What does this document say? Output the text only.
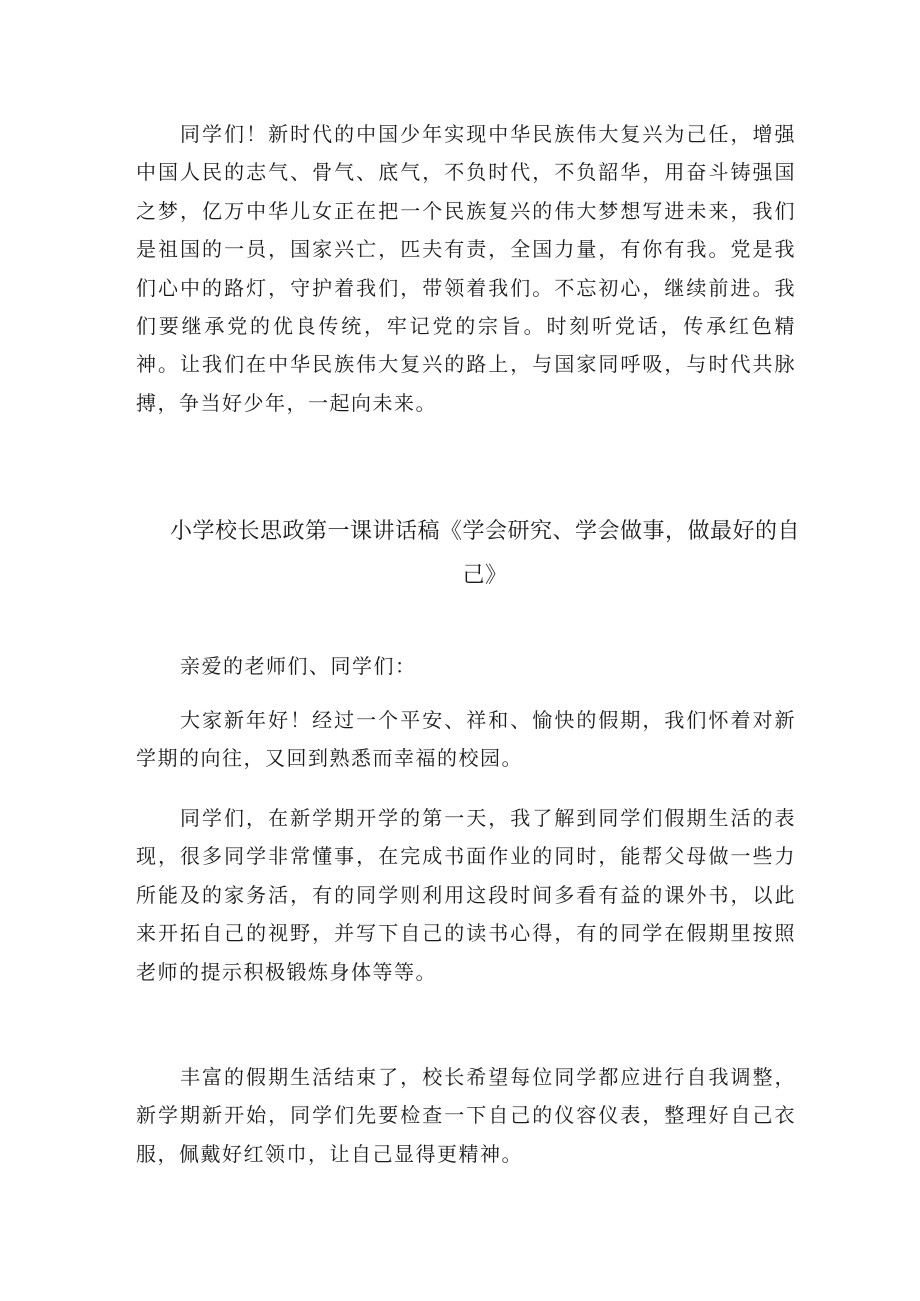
同学们！新时代的中国少年实现中华民族伟大复兴为己任，增强中国人民的志气、骨气、底气，不负时代，不负韶华，用奋斗铸强国之梦，亿万中华儿女正在把一个民族复兴的伟大梦想写进未来，我们是祖国的一员，国家兴亡，匹夫有责，全国力量，有你有我。党是我们心中的路灯，守护着我们，带领着我们。不忘初心，继续前进。我们要继承党的优良传统，牢记党的宗旨。时刻听党话，传承红色精神。让我们在中华民族伟大复兴的路上，与国家同呼吸，与时代共脉搏，争当好少年，一起向未来。

小学校长思政第一课讲话稿《学会研究、学会做事，做最好的自己》

亲爱的老师们、同学们：

大家新年好！经过一个平安、祥和、愉快的假期，我们怀着对新学期的向往，又回到熟悉而幸福的校园。

同学们，在新学期开学的第一天，我了解到同学们假期生活的表现，很多同学非常懂事，在完成书面作业的同时，能帮父母做一些力所能及的家务活，有的同学则利用这段时间多看有益的课外书，以此来开拓自己的视野，并写下自己的读书心得，有的同学在假期里按照老师的提示积极锻炼身体等等。

丰富的假期生活结束了，校长希望每位同学都应进行自我调整，新学期新开始，同学们先要检查一下自己的仪容仪表，整理好自己衣服，佩戴好红领巾，让自己显得更精神。
